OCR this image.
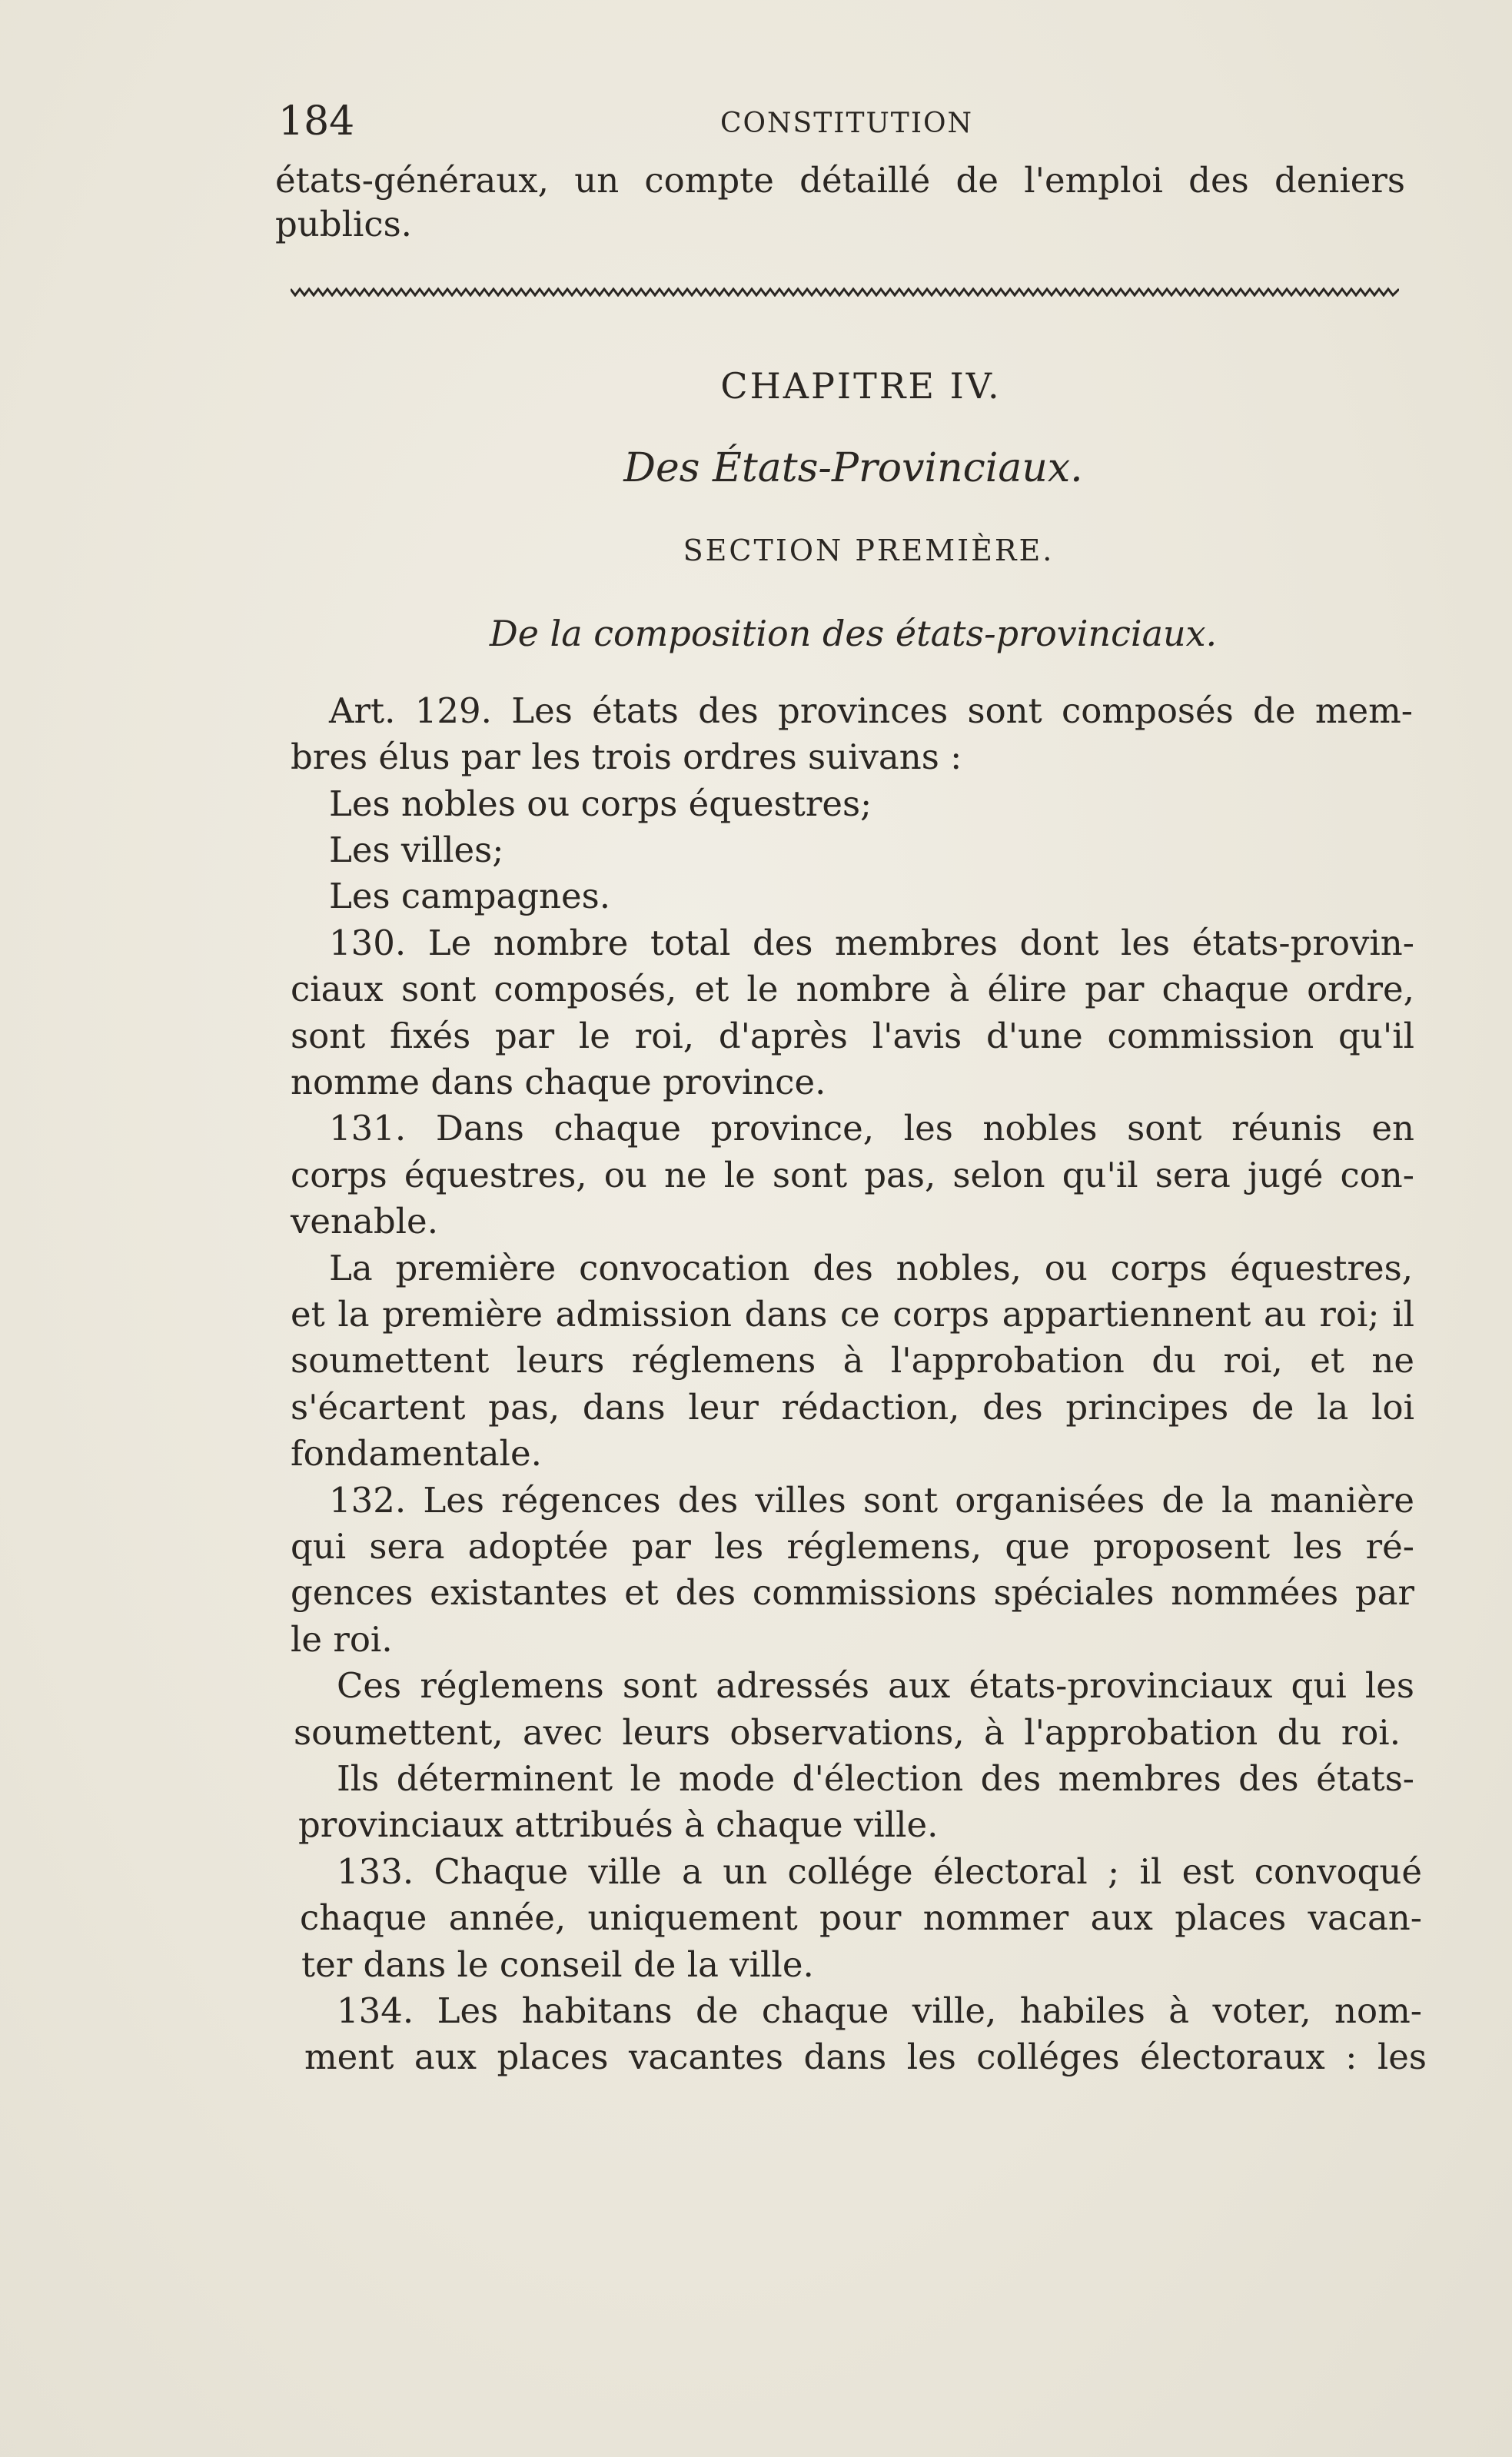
184	CONSTITUTION
états-généraux, un compte détaillé de l'emploi des deniers
publics.
CHAPITRE IV.
Des États-Provinciaux.
SECTION PREMIÈRE.
De la composition des états-provinciaux.
Art. 129. Les états des provinces sont composés de mem-
bres élus par les trois ordres suivans :
Les nobles ou corps équestres;
Les villes;
Les campagnes.
130. Le nombre total des membres dont les états-provin-
ciaux sont composés, et le nombre à élire par chaque ordre,
sont fixés par le roi, d'après l'avis d'une commission qu'il
nomme dans chaque province.
131. Dans chaque province, les nobles sont réunis en
corps équestres, ou ne le sont pas, selon qu'il sera jugé con-
venable.
La première convocation des nobles, ou corps équestres,
et la première admission dans ce corps appartiennent au roi; il
soumettent leurs réglemens à l'approbation du roi, et ne
s'écartent pas, dans leur rédaction, des principes de la loi
fondamentale.
132. Les régences des villes sont organisées de la manière
qui sera adoptée par les réglemens, que proposent les ré-
gences existantes et des commissions spéciales nommées par
le roi.
Ces réglemens sont adressés aux états-provinciaux qui les
soumettent, avec leurs observations, à l'approbation du roi.
Ils déterminent le mode d'élection des membres des états-
provinciaux attribués à chaque ville.
133. Chaque ville a un collége électoral ; il est convoqué
chaque année, uniquement pour nommer aux places vacan-
ter dans le conseil de la ville.
134. Les habitans de chaque ville, habiles à voter, nom-
ment aux places vacantes dans les colléges électoraux : les
